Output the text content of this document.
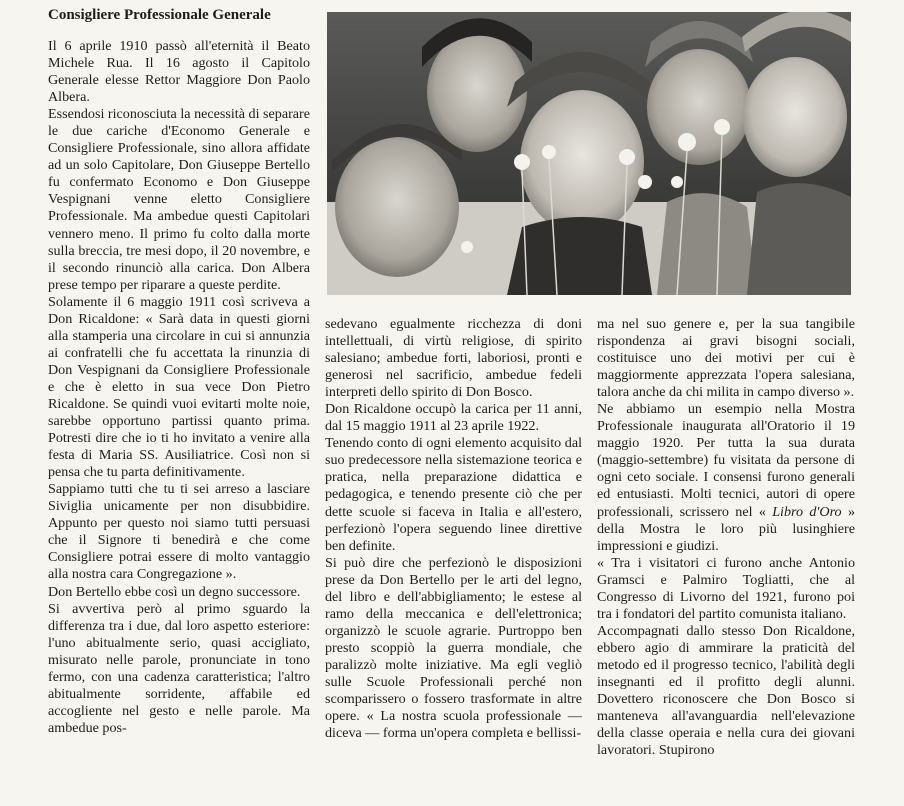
Consigliere Professionale Generale

Il 6 aprile 1910 passò all'eternità il Beato Michele Rua. Il 16 agosto il Capitolo Generale elesse Rettor Maggiore Don Paolo Albera.

Essendosi riconosciuta la necessità di separare le due cariche d'Economo Generale e Consigliere Professionale, sino allora affidate ad un solo Capitolare, Don Giuseppe Bertello fu confermato Economo e Don Giuseppe Vespignani venne eletto Consigliere Professionale. Ma ambedue questi Capitolari vennero meno. Il primo fu colto dalla morte sulla breccia, tre mesi dopo, il 20 novembre, e il secondo rinunciò alla carica. Don Albera prese tempo per riparare a queste perdite.

Solamente il 6 maggio 1911 così scriveva a Don Ricaldone: « Sarà data in questi giorni alla stamperia una circolare in cui si annunzia ai confratelli che fu accettata la rinunzia di Don Vespignani da Consigliere Professionale e che è eletto in sua vece Don Pietro Ricaldone. Se quindi vuoi evitarti molte noie, sarebbe opportuno partissi quanto prima. Potresti dire che io ti ho invitato a venire alla festa di Maria SS. Ausiliatrice. Così non si pensa che tu parta definitivamente.

Sappiamo tutti che tu ti sei arreso a lasciare Siviglia unicamente per non disubbidire. Appunto per questo noi siamo tutti persuasi che il Signore ti benedirà e che come Consigliere potrai essere di molto vantaggio alla nostra cara Congregazione ».

Don Bertello ebbe così un degno successore.

Si avvertiva però al primo sguardo la differenza tra i due, dal loro aspetto esteriore: l'uno abitualmente serio, quasi accigliato, misurato nelle parole, pronunciate in tono fermo, con una cadenza caratteristica; l'altro abitualmente sorridente, affabile ed accogliente nel gesto e nelle parole. Ma ambedue pos-

sedevano egualmente ricchezza di doni intellettuali, di virtù religiose, di spirito salesiano; ambedue forti, laboriosi, pronti e generosi nel sacrificio, ambedue fedeli interpreti dello spirito di Don Bosco.

Don Ricaldone occupò la carica per 11 anni, dal 15 maggio 1911 al 23 aprile 1922.

Tenendo conto di ogni elemento acquisito dal suo predecessore nella sistemazione teorica e pratica, nella preparazione didattica e pedagogica, e tenendo presente ciò che per dette scuole si faceva in Italia e all'estero, perfezionò l'opera seguendo linee direttive ben definite.

Si può dire che perfezionò le disposizioni prese da Don Bertello per le arti del legno, del libro e dell'abbigliamento; le estese al ramo della meccanica e dell'elettronica; organizzò le scuole agrarie. Purtroppo ben presto scoppiò la guerra mondiale, che paralizzò molte iniziative. Ma egli vegliò sulle Scuole Professionali perché non scomparissero o fossero trasformate in altre opere. « La nostra scuola professionale — diceva — forma un'opera completa e bellissi-

ma nel suo genere e, per la sua tangibile rispondenza ai gravi bisogni sociali, costituisce uno dei motivi per cui è maggiormente apprezzata l'opera salesiana, talora anche da chi milita in campo diverso ».

Ne abbiamo un esempio nella Mostra Professionale inaugurata all'Oratorio il 19 maggio 1920. Per tutta la sua durata (maggio-settembre) fu visitata da persone di ogni ceto sociale. I consensi furono generali ed entusiasti. Molti tecnici, autori di opere professionali, scrissero nel « Libro d'Oro » della Mostra le loro più lusinghiere impressioni e giudizi.

« Tra i visitatori ci furono anche Antonio Gramsci e Palmiro Togliatti, che al Congresso di Livorno del 1921, furono poi tra i fondatori del partito comunista italiano.

Accompagnati dallo stesso Don Ricaldone, ebbero agio di ammirare la praticità del metodo ed il progresso tecnico, l'abilità degli insegnanti ed il profitto degli alunni. Dovettero riconoscere che Don Bosco si manteneva all'avanguardia nell'elevazione della classe operaia e nella cura dei giovani lavoratori. Stupirono
